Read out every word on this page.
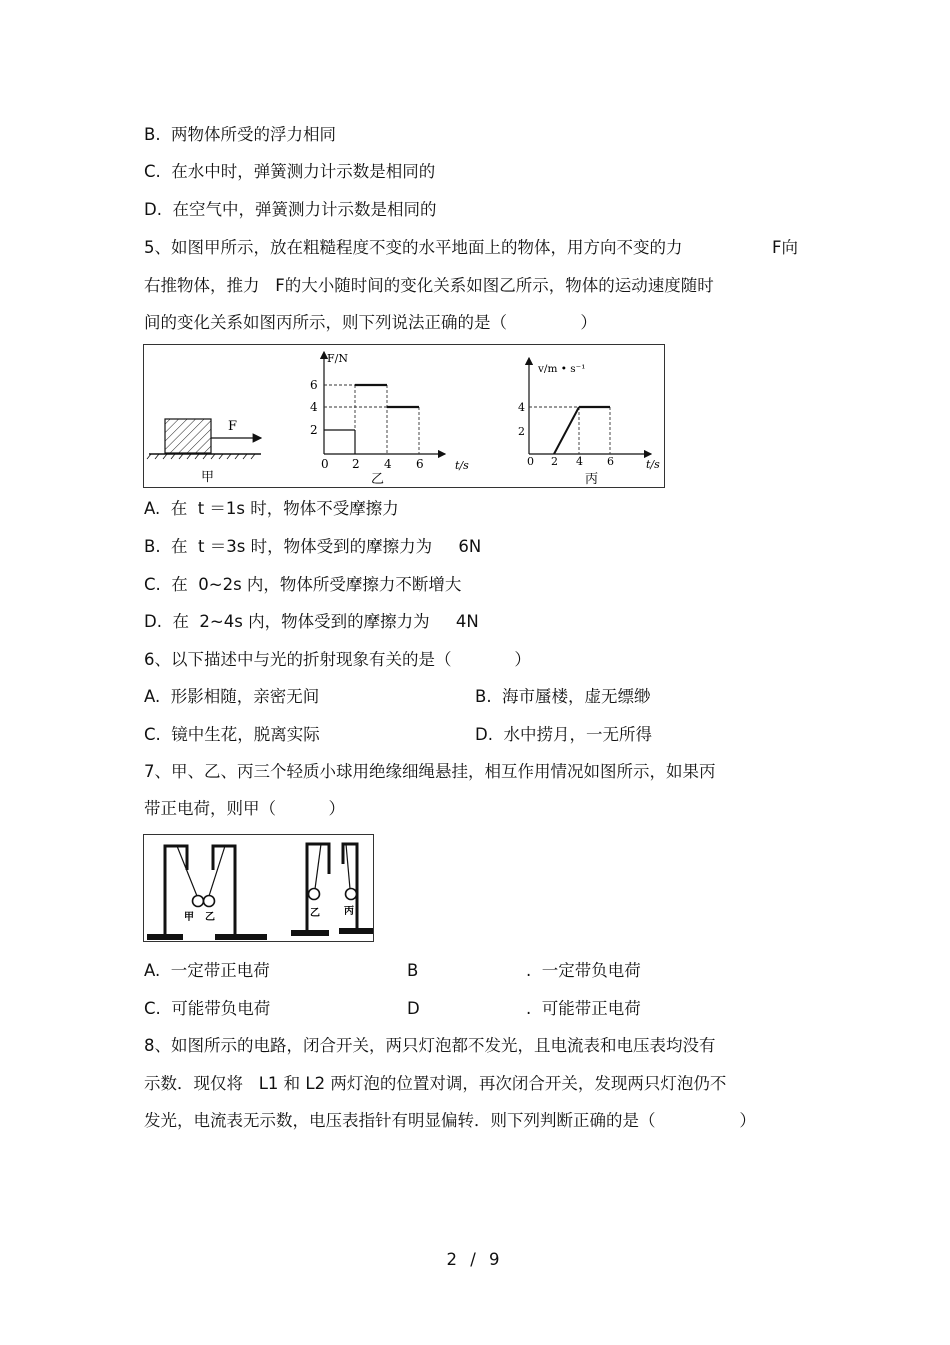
B.  两物体所受的浮力相同
C.  在水中时，弹簧测力计示数是相同的
D.  在空气中，弹簧测力计示数是相同的
5、如图甲所示，放在粗糙程度不变的水平地面上的物体，用方向不变的力	F向
右推物体，推力   F的大小随时间的变化关系如图乙所示，物体的运动速度随时
间的变化关系如图丙所示，则下列说法正确的是（              ）
F
甲
F/N
t/s
0 2 4 6
2
4
6
乙
v/m • s⁻¹
t/s
0 2 4 6
2
4
丙
A.  在  t ＝1s 时，物体不受摩擦力
B.  在  t ＝3s 时，物体受到的摩擦力为     6N
C.  在  0~2s 内，物体所受摩擦力不断增大
D.  在  2~4s 内，物体受到的摩擦力为     4N
6、以下描述中与光的折射现象有关的是（            ）
A.  形影相随，亲密无间	B.  海市蜃楼，虚无缥缈
C.  镜中生花，脱离实际	D.  水中捞月，一无所得
7、甲、乙、丙三个轻质小球用绝缘细绳悬挂，相互作用情况如图所示，如果丙
带正电荷，则甲（          ）
甲 乙	乙 丙
A.  一定带正电荷	B	.  一定带负电荷
C.  可能带负电荷	D	.  可能带正电荷
8、如图所示的电路，闭合开关，两只灯泡都不发光，且电流表和电压表均没有
示数．现仅将   L1 和 L2 两灯泡的位置对调，再次闭合开关，发现两只灯泡仍不
发光，电流表无示数，电压表指针有明显偏转．则下列判断正确的是（                ）
2 / 9
